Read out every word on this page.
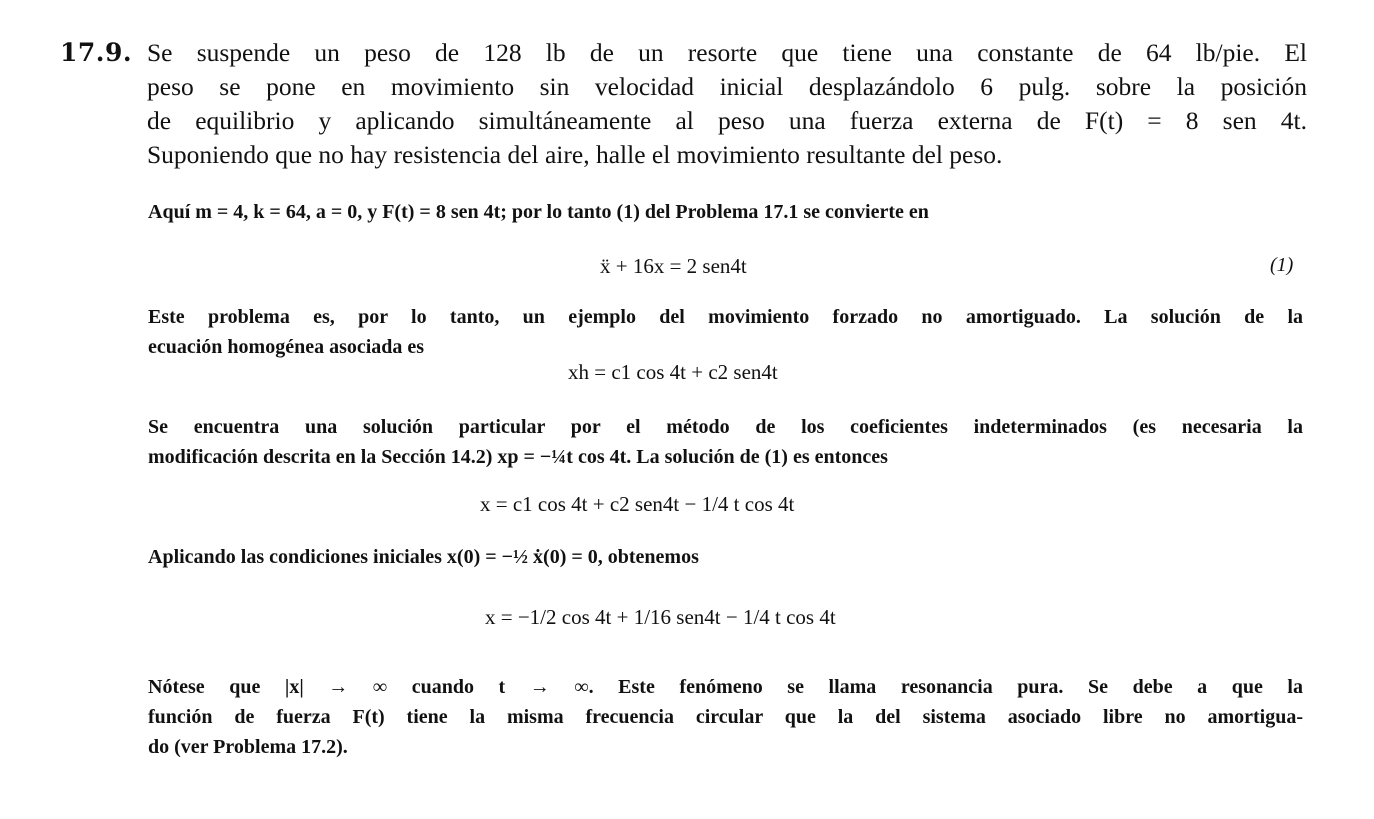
17.9. Se suspende un peso de 128 lb de un resorte que tiene una constante de 64 lb/pie. El
peso se pone en movimiento sin velocidad inicial desplazándolo 6 pulg. sobre la posición
de equilibrio y aplicando simultáneamente al peso una fuerza externa de F(t) = 8 sen 4t.
Suponiendo que no hay resistencia del aire, halle el movimiento resultante del peso.
Aquí m = 4, k = 64, a = 0, y F(t) = 8 sen 4t; por lo tanto (1) del Problema 17.1 se convierte en
ẍ + 16x = 2 sen4t	(1)
Este problema es, por lo tanto, un ejemplo del movimiento forzado no amortiguado. La solución de la
ecuación homogénea asociada es
xh = c1 cos 4t + c2 sen4t
Se encuentra una solución particular por el método de los coeficientes indeterminados (es necesaria la
modificación descrita en la Sección 14.2) xp = −¼t cos 4t. La solución de (1) es entonces
x = c1 cos 4t + c2 sen4t − 1/4 t cos 4t
Aplicando las condiciones iniciales x(0) = −½ ẋ(0) = 0, obtenemos
x = −1/2 cos 4t + 1/16 sen4t − 1/4 t cos 4t
Nótese que |x| → ∞ cuando t → ∞. Este fenómeno se llama resonancia pura. Se debe a que la
función de fuerza F(t) tiene la misma frecuencia circular que la del sistema asociado libre no amortigua-
do (ver Problema 17.2).
